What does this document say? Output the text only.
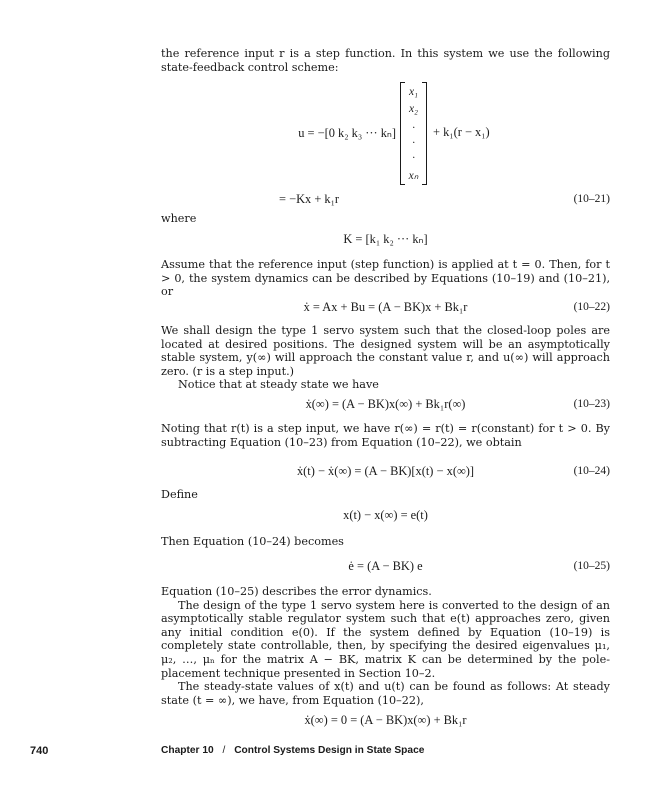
the reference input r is a step function. In this system we use the following state-feedback control scheme:
u = −[0 k₂ k₃ ··· kₙ]
x₁
x₂
·
·
·
xₙ
+ k₁(r − x₁)
= −Kx + k₁r	(10–21)
where
K = [k₁ k₂ ··· kₙ]
Assume that the reference input (step function) is applied at t = 0. Then, for t > 0, the system dynamics can be described by Equations (10–19) and (10–21), or
ẋ = Ax + Bu = (A − BK)x + Bk₁r	(10–22)
We shall design the type 1 servo system such that the closed-loop poles are located at desired positions. The designed system will be an asymptotically stable system, y(∞) will approach the constant value r, and u(∞) will approach zero. (r is a step input.)
Notice that at steady state we have
ẋ(∞) = (A − BK)x(∞) + Bk₁r(∞)	(10–23)
Noting that r(t) is a step input, we have r(∞) = r(t) = r(constant) for t > 0. By subtracting Equation (10–23) from Equation (10–22), we obtain
ẋ(t) − ẋ(∞) = (A − BK)[x(t) − x(∞)]	(10–24)
Define
x(t) − x(∞) = e(t)
Then Equation (10–24) becomes
ė = (A − BK) e	(10–25)
Equation (10–25) describes the error dynamics.
The design of the type 1 servo system here is converted to the design of an asymptotically stable regulator system such that e(t) approaches zero, given any initial condition e(0). If the system defined by Equation (10–19) is completely state controllable, then, by specifying the desired eigenvalues μ₁, μ₂, …, μₙ for the matrix A − BK, matrix K can be determined by the pole-placement technique presented in Section 10–2.
The steady-state values of x(t) and u(t) can be found as follows: At steady state (t = ∞), we have, from Equation (10–22),
ẋ(∞) = 0 = (A − BK)x(∞) + Bk₁r
740	Chapter 10 / Control Systems Design in State Space
